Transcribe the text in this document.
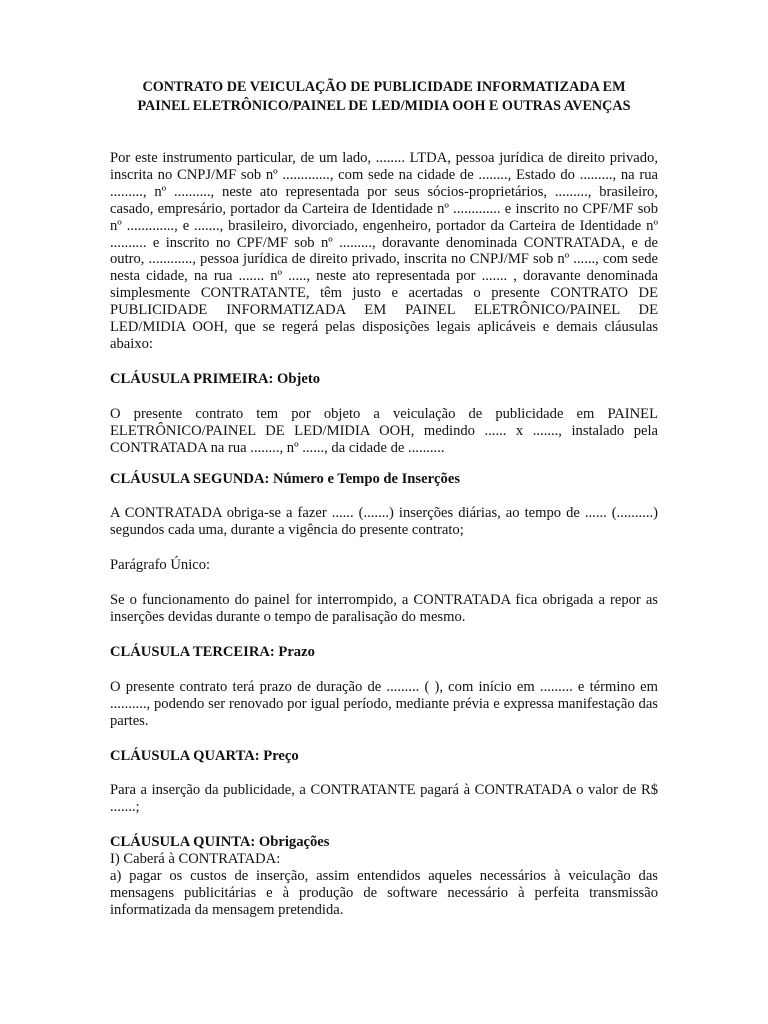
CONTRATO DE VEICULAÇÃO DE PUBLICIDADE INFORMATIZADA EM
PAINEL ELETRÔNICO/PAINEL DE LED/MIDIA OOH E OUTRAS AVENÇAS

Por este instrumento particular, de um lado, ........ LTDA, pessoa jurídica de direito privado, inscrita no CNPJ/MF sob nº ............., com sede na cidade de ........, Estado do ........., na rua ........., nº .........., neste ato representada por seus sócios-proprietários, ........., brasileiro, casado, empresário, portador da Carteira de Identidade nº ............. e inscrito no CPF/MF sob nº ............., e ......., brasileiro, divorciado, engenheiro, portador da Carteira de Identidade nº .......... e inscrito no CPF/MF sob nº ........., doravante denominada CONTRATADA, e de outro, ............, pessoa jurídica de direito privado, inscrita no CNPJ/MF sob nº ......, com sede nesta cidade, na rua ....... nº ....., neste ato representada por ....... , doravante denominada simplesmente CONTRATANTE, têm justo e acertadas o presente CONTRATO DE PUBLICIDADE INFORMATIZADA EM PAINEL ELETRÔNICO/PAINEL DE LED/MIDIA OOH, que se regerá pelas disposições legais aplicáveis e demais cláusulas abaixo:

CLÁUSULA PRIMEIRA: Objeto

O presente contrato tem por objeto a veiculação de publicidade em PAINEL ELETRÔNICO/PAINEL DE LED/MIDIA OOH, medindo ...... x ......., instalado pela CONTRATADA na rua ........, nº ......, da cidade de ..........

CLÁUSULA SEGUNDA: Número e Tempo de Inserções

A CONTRATADA obriga-se a fazer ...... (.......) inserções diárias, ao tempo de ...... (..........) segundos cada uma, durante a vigência do presente contrato;

Parágrafo Único:

Se o funcionamento do painel for interrompido, a CONTRATADA fica obrigada a repor as inserções devidas durante o tempo de paralisação do mesmo.

CLÁUSULA TERCEIRA: Prazo

O presente contrato terá prazo de duração de ......... ( ), com início em ......... e término em .........., podendo ser renovado por igual período, mediante prévia e expressa manifestação das partes.

CLÁUSULA QUARTA: Preço

Para a inserção da publicidade, a CONTRATANTE pagará à CONTRATADA o valor de R$ .......;

CLÁUSULA QUINTA: Obrigações

I) Caberá à CONTRATADA:

a) pagar os custos de inserção, assim entendidos aqueles necessários à veiculação das mensagens publicitárias e à produção de software necessário à perfeita transmissão informatizada da mensagem pretendida.
